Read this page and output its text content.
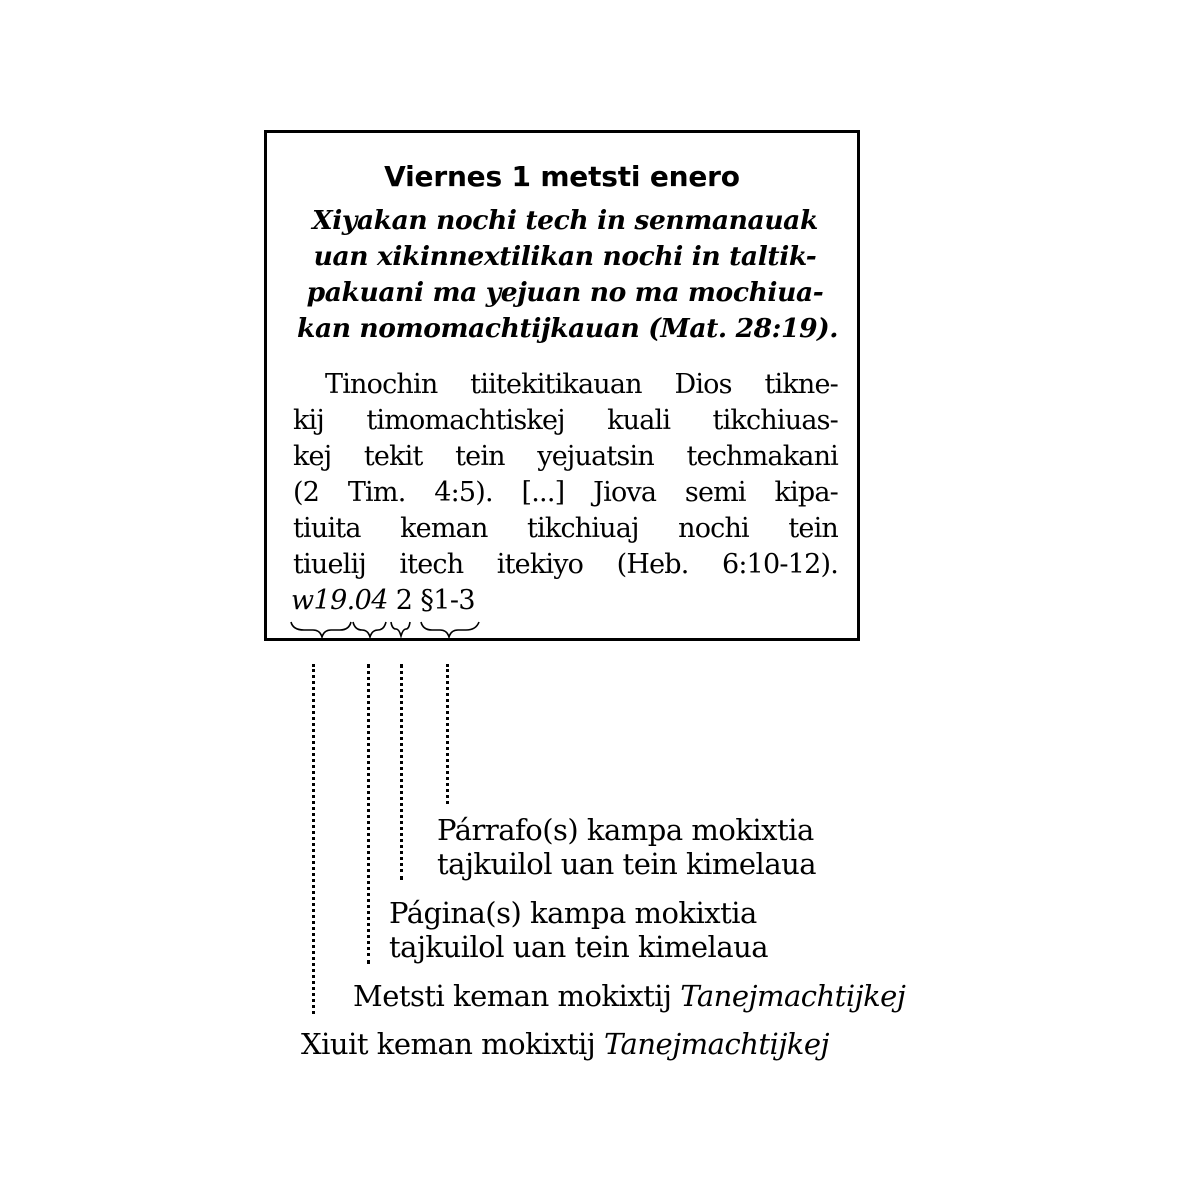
Viernes 1 metsti enero
Xiyakan nochi tech in senmanauak
uan xikinnextilikan nochi in taltik-
pakuani ma yejuan no ma mochiua-
kan nomomachtijkauan (Mat. 28:19).
Tinochin tiitekitikauan Dios tikne-
kij timomachtiskej kuali tikchiuas-
kej tekit tein yejuatsin techmakani
(2 Tim. 4:5). [...] Jiova semi kipa-
tiuita keman tikchiuaj nochi tein
tiuelij itech itekiyo (Heb. 6:10-12).
w19.04 2 §1-3
Párrafo(s) kampa mokixtia
tajkuilol uan tein kimelaua
Página(s) kampa mokixtia
tajkuilol uan tein kimelaua
Metsti keman mokixtij Tanejmachtijkej
Xiuit keman mokixtij Tanejmachtijkej
